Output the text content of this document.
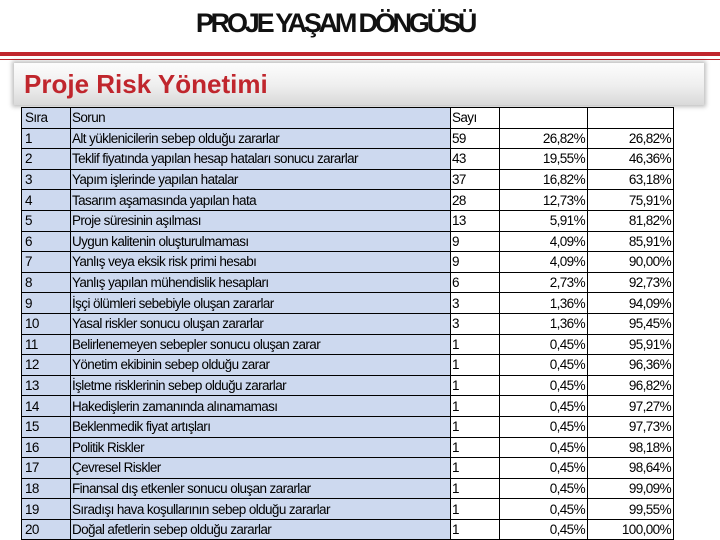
PROJE YAŞAM DÖNGÜSÜ
Proje Risk Yönetimi
Sıra	Sorun	Sayı		
1	Alt yüklenicilerin sebep olduğu zararlar	59	26,82%	26,82%
2	Teklif fiyatında yapılan hesap hataları sonucu zararlar	43	19,55%	46,36%
3	Yapım işlerinde yapılan hatalar	37	16,82%	63,18%
4	Tasarım aşamasında yapılan hata	28	12,73%	75,91%
5	Proje süresinin aşılması	13	5,91%	81,82%
6	Uygun kalitenin oluşturulmaması	9	4,09%	85,91%
7	Yanlış veya eksik risk primi hesabı	9	4,09%	90,00%
8	Yanlış yapılan mühendislik hesapları	6	2,73%	92,73%
9	İşçi ölümleri sebebiyle oluşan zararlar	3	1,36%	94,09%
10	Yasal riskler sonucu oluşan zararlar	3	1,36%	95,45%
11	Belirlenemeyen sebepler sonucu oluşan zarar	1	0,45%	95,91%
12	Yönetim ekibinin sebep olduğu zarar	1	0,45%	96,36%
13	İşletme risklerinin sebep olduğu zararlar	1	0,45%	96,82%
14	Hakedişlerin zamanında alınamaması	1	0,45%	97,27%
15	Beklenmedik fiyat artışları	1	0,45%	97,73%
16	Politik Riskler	1	0,45%	98,18%
17	Çevresel Riskler	1	0,45%	98,64%
18	Finansal dış etkenler sonucu oluşan zararlar	1	0,45%	99,09%
19	Sıradışı hava koşullarının sebep olduğu zararlar	1	0,45%	99,55%
20	Doğal afetlerin sebep olduğu zararlar	1	0,45%	100,00%
